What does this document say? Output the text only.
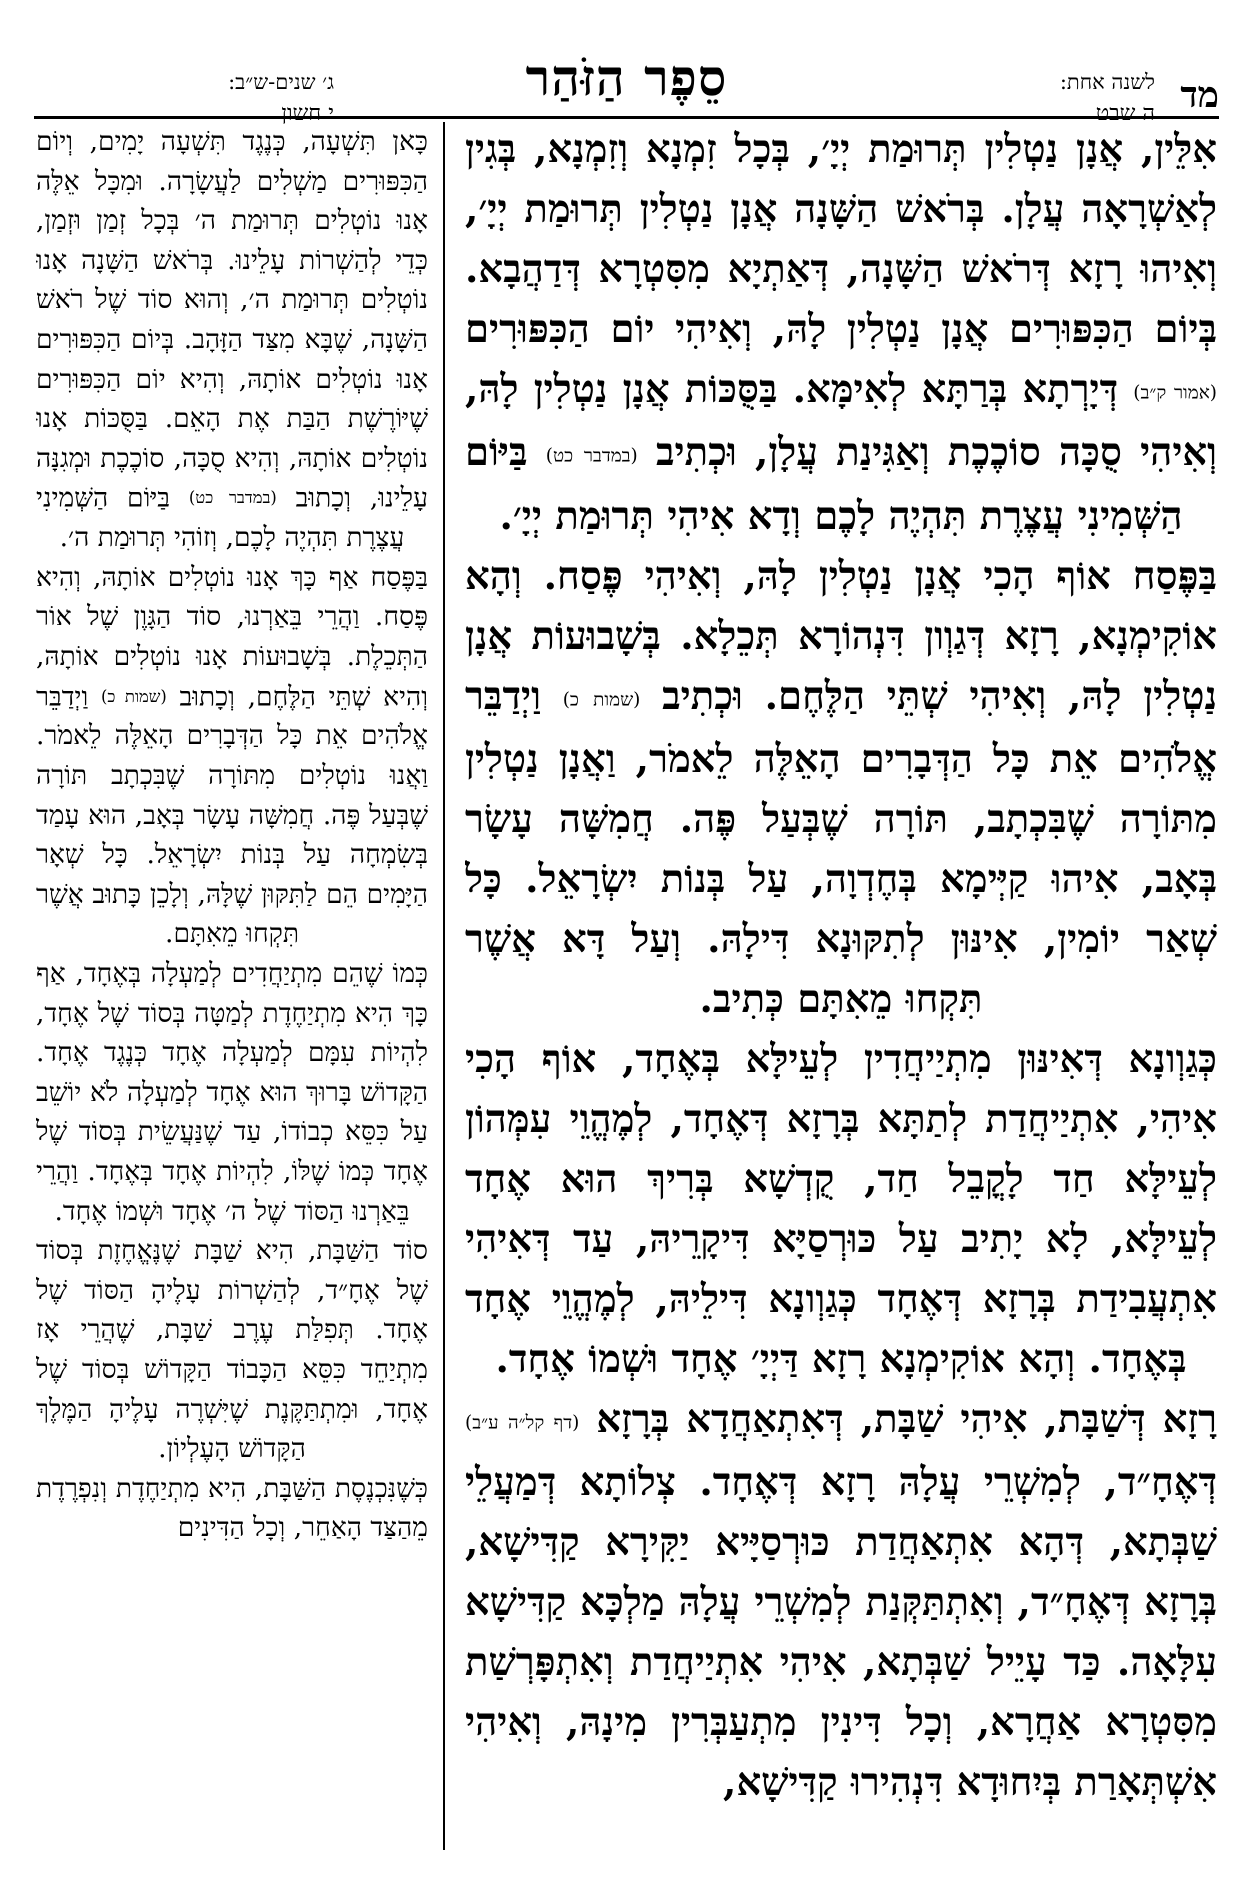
מד
לשנה אחת:
ה שבט
סֵפֶר הַזֹּהַר
ג׳ שנים-ש״ב:
י חשון

אִלֵּין, אֲנָן נַטְלִין תְּרוּמַת יְיָ׳, בְּכָל זִמְנָא וְזִמְנָא, בְּגִין לְאַשְׁרָאָה עֲלָן. בְּרֹאשׁ הַשָּׁנָה אֲנָן נַטְלִין תְּרוּמַת יְיָ׳, וְאִיהוּ רָזָא דְּרֹאשׁ הַשָּׁנָה, דְּאַתְיָא מִסִּטְרָא דְּדַהֲבָא. בְּיוֹם הַכִּפּוּרִים אֲנָן נַטְלִין לָהּ, וְאִיהִי יוֹם הַכִּפּוּרִים (אמור ק״ב) דְּיָרְתָא בְּרַתָּא לְאִימָּא. בַּסֻּכּוֹת אֲנָן נַטְלִין לָהּ, וְאִיהִי סֻכָּה סוֹכֶכֶת וְאַגִּינַת עֲלָן, וּכְתִיב (במדבר כט) בַּיּוֹם הַשְּׁמִינִי עֲצֶרֶת תִּהְיֶה לָכֶם וְדָא אִיהִי תְּרוּמַת יְיָ׳.

בַּפֶּסַח אוֹף הָכִי אֲנָן נַטְלִין לָהּ, וְאִיהִי פֶּסַח. וְהָא אוֹקִימְנָא, רָזָא דְּגַוְון דִּנְהוֹרָא תְּכֵלָא. בְּשָׁבוּעוֹת אֲנָן נַטְלִין לָהּ, וְאִיהִי שְׁתֵּי הַלֶּחֶם. וּכְתִיב (שמות כ) וַיְדַבֵּר אֱלֹהִים אֵת כָּל הַדְּבָרִים הָאֵלֶּה לֵאמֹר, וַאֲנָן נַטְלִין מִתּוֹרָה שֶׁבִּכְתָב, תּוֹרָה שֶׁבְּעַל פֶּה. חֲמִשָּׁה עָשָׂר בְּאָב, אִיהוּ קַיְּימָא בְּחֶדְוָה, עַל בְּנוֹת יִשְׂרָאֵל. כָּל שְׁאַר יוֹמִין, אִינּוּן לְתִקּוּנָא דִּילָהּ. וְעַל דָּא אֲשֶׁר תִּקְחוּ מֵאִתָּם כְּתִיב.

כְּגַוְונָא דְּאִינּוּן מִתְיַיחֲדִין לְעֵילָּא בְּאֶחָד, אוֹף הָכִי אִיהִי, אִתְיַיחֲדַת לְתַתָּא בְּרָזָא דְּאֶחָד, לְמֶהֱוֵי עִמְּהוֹן לְעֵילָּא חַד לָקֳבֵל חַד, קֻדְשָׁא בְּרִיךְ הוּא אֶחָד לְעֵילָּא, לָא יָתִיב עַל כּוּרְסַיָּא דִּיקָרֵיהּ, עַד דְּאִיהִי אִתְעֲבִידַת בְּרָזָא דְּאֶחָד כְּגַוְונָא דִּילֵיהּ, לְמֶהֱוֵי אֶחָד בְּאֶחָד. וְהָא אוֹקִימְנָא רָזָא דַּיְיָ׳ אֶחָד וּשְׁמוֹ אֶחָד.

רָזָא דְּשַׁבָּת, אִיהִי שַׁבָּת, דְּאִתְאַחֲדָא בְּרָזָא (דף קל״ה ע״ב) דְּאֶחָ״ד, לְמִשְׁרֵי עֲלָהּ רָזָא דְּאֶחָד. צְלוֹתָא דְּמַעֲלֵי שַׁבְּתָא, דְּהָא אִתְאַחֲדַת כּוּרְסַיָּיא יַקִּירָא קַדִּישָׁא, בְּרָזָא דְּאֶחָ״ד, וְאִתְתַּקְּנַת לְמִשְׁרֵי עֲלָהּ מַלְכָּא קַדִּישָׁא עִלָּאָה. כַּד עָיֵיל שַׁבְּתָא, אִיהִי אִתְיַיחֲדַת וְאִתְפָּרְשַׁת מִסִּטְרָא אַחֲרָא, וְכָל דִּינִין מִתְעַבְּרִין מִינָהּ, וְאִיהִי אִשְׁתְּאָרַת בְּיִחוּדָא דִּנְהִירוּ קַדִּישָׁא,

כָּאן תִּשְׁעָה, כְּנֶגֶד תִּשְׁעָה יָמִים, וְיוֹם הַכִּפּוּרִים מַשְׁלִים לַעֲשָׂרָה. וּמִכָּל אֵלֶּה אָנוּ נוֹטְלִים תְּרוּמַת ה׳ בְּכָל זְמַן וּזְמַן, כְּדֵי לְהַשְׁרוֹת עָלֵינוּ. בְּרֹאשׁ הַשָּׁנָה אָנוּ נוֹטְלִים תְּרוּמַת ה׳, וְהוּא סוֹד שֶׁל רֹאשׁ הַשָּׁנָה, שֶׁבָּא מִצַּד הַזָּהָב. בְּיוֹם הַכִּפּוּרִים אָנוּ נוֹטְלִים אוֹתָהּ, וְהִיא יוֹם הַכִּפּוּרִים שֶׁיּוֹרֶשֶׁת הַבַּת אֶת הָאֵם. בַּסֻּכּוֹת אָנוּ נוֹטְלִים אוֹתָהּ, וְהִיא סֻכָּה, סוֹכֶכֶת וּמְגִנָּה עָלֵינוּ, וְכָתוּב (במדבר כט) בַּיּוֹם הַשְּׁמִינִי עֲצֶרֶת תִּהְיֶה לָכֶם, וְזוֹהִי תְּרוּמַת ה׳.

בַּפֶּסַח אַף כָּךְ אָנוּ נוֹטְלִים אוֹתָהּ, וְהִיא פֶּסַח. וַהֲרֵי בֵּאַרְנוּ, סוֹד הַגָּוֶן שֶׁל אוֹר הַתְּכֵלֶת. בְּשָׁבוּעוֹת אָנוּ נוֹטְלִים אוֹתָהּ, וְהִיא שְׁתֵּי הַלֶּחֶם, וְכָתוּב (שמות כ) וַיְדַבֵּר אֱלֹהִים אֵת כָּל הַדְּבָרִים הָאֵלֶּה לֵאמֹר. וַאֲנוּ נוֹטְלִים מִתּוֹרָה שֶׁבִּכְתָב תּוֹרָה שֶׁבְּעַל פֶּה. חֲמִשָּׁה עָשָׂר בְּאָב, הוּא עָמַד בְּשִׂמְחָה עַל בְּנוֹת יִשְׂרָאֵל. כָּל שְׁאָר הַיָּמִים הֵם לַתִּקּוּן שֶׁלָּהּ, וְלָכֵן כָּתוּב אֲשֶׁר תִּקְחוּ מֵאִתָּם.

כְּמוֹ שֶׁהֵם מִתְיַחֲדִים לְמַעְלָה בְּאֶחָד, אַף כָּךְ הִיא מִתְיַחֶדֶת לְמַטָּה בְּסוֹד שֶׁל אֶחָד, לִהְיוֹת עִמָּם לְמַעְלָה אֶחָד כְּנֶגֶד אֶחָד. הַקָּדוֹשׁ בָּרוּךְ הוּא אֶחָד לְמַעְלָה לֹא יוֹשֵׁב עַל כִּסֵּא כְבוֹדוֹ, עַד שֶׁנַּעֲשֵׂית בְּסוֹד שֶׁל אֶחָד כְּמוֹ שֶׁלּוֹ, לִהְיוֹת אֶחָד בְּאֶחָד. וַהֲרֵי בֵּאַרְנוּ הַסּוֹד שֶׁל ה׳ אֶחָד וּשְׁמוֹ אֶחָד.

סוֹד הַשַּׁבָּת, הִיא שַׁבָּת שֶׁנֶּאֱחֶזֶת בְּסוֹד שֶׁל אֶחָ״ד, לְהַשְׁרוֹת עָלֶיהָ הַסּוֹד שֶׁל אֶחָד. תְּפִלַּת עֶרֶב שַׁבָּת, שֶׁהֲרֵי אָז מִתְיַחֵד כִּסֵּא הַכָּבוֹד הַקָּדוֹשׁ בְּסוֹד שֶׁל אֶחָד, וּמִתְתַּקֶּנֶת שֶׁיִּשְׁרֶה עָלֶיהָ הַמֶּלֶךְ הַקָּדוֹשׁ הָעֶלְיוֹן.

כְּשֶׁנִּכְנֶסֶת הַשַּׁבָּת, הִיא מִתְיַחֶדֶת וְנִפְרֶדֶת מֵהַצַּד הָאַחֵר, וְכָל הַדִּינִים
